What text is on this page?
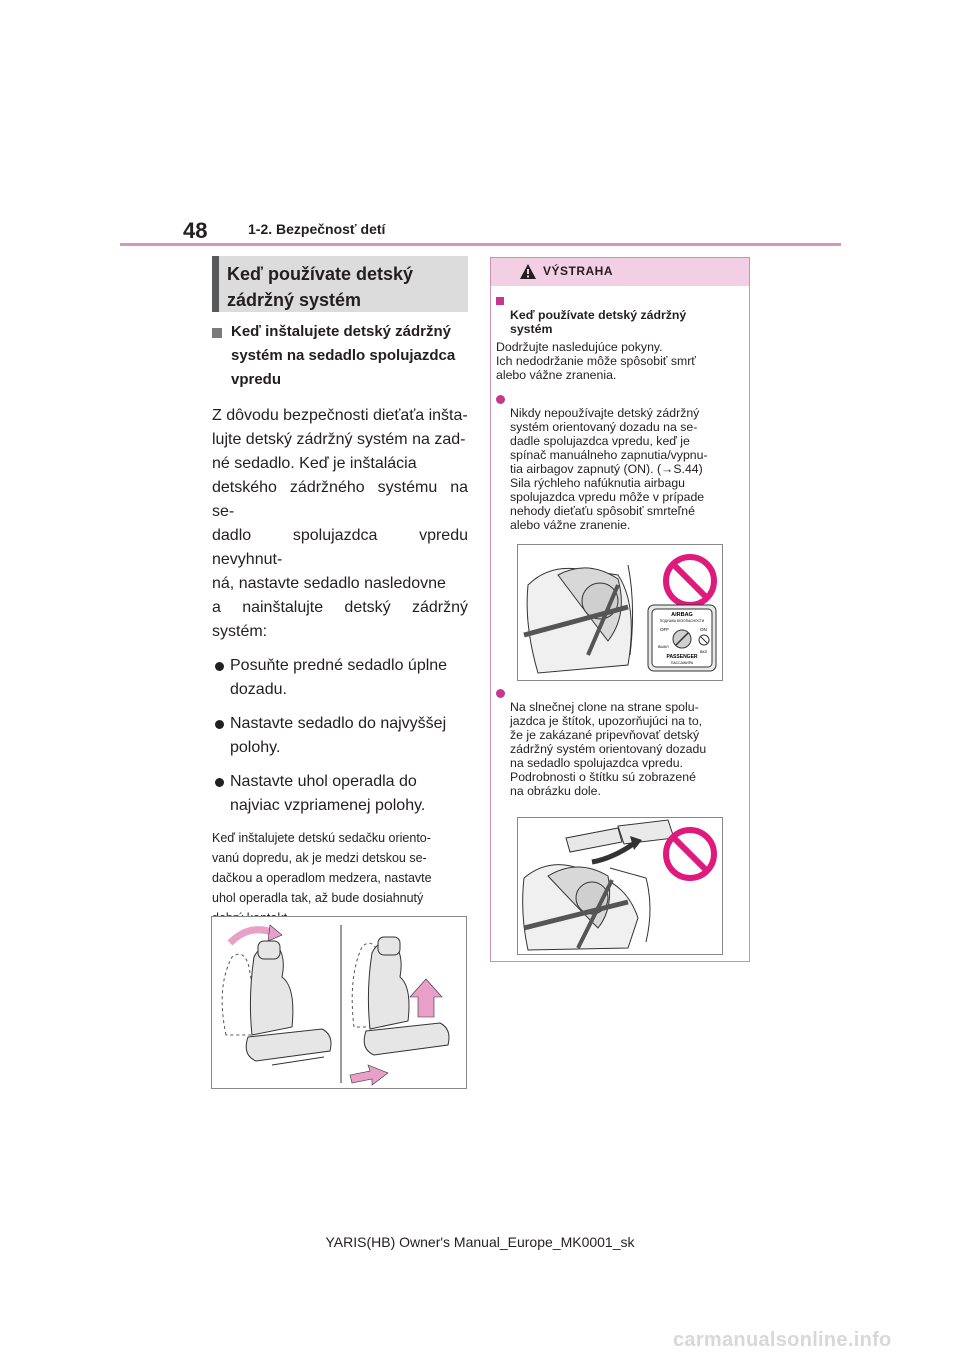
48	1-2. Bezpečnosť detí
Keď používate detský zádržný systém
Keď inštalujete detský zádržný systém na sedadlo spolujazdca vpredu

Z dôvodu bezpečnosti dieťaťa inšta-
lujte detský zádržný systém na zad-
né sedadlo. Keď je inštalácia
detského zádržného systému na se-
dadlo spolujazdca vpredu nevyhnut-
ná, nastavte sedadlo nasledovne
a nainštalujte detský zádržný systém:

Posuňte predné sedadlo úplne dozadu.
Nastavte sedadlo do najvyššej polohy.
Nastavte uhol operadla do najviac vzpriamenej polohy.

Keď inštalujete detskú sedačku oriento-
vanú dopredu, ak je medzi detskou se-
dačkou a operadlom medzera, nastavte
uhol operadla tak, až bude dosiahnutý

VÝSTRAHA

Keď používate detský zádržný
systém

Dodržujte nasledujúce pokyny.
Ich nedodržanie môže spôsobiť smrť
alebo vážne zranenia.

Nikdy nepoužívajte detský zádržný
systém orientovaný dozadu na se-
dadle spolujazdca vpredu, keď je
spínač manuálneho zapnutia/vypnu-
tia airbagov zapnutý (ON). (→S.44)
Sila rýchleho nafúknutia airbagu
spolujazdca vpredu môže v prípade
nehody dieťaťu spôsobiť smrteľné
alebo vážne zranenie.

Na slnečnej clone na strane spolu-
jazdca je štítok, upozorňujúci na to,
že je zakázané pripevňovať detský
zádržný systém orientovaný dozadu
na sedadlo spolujazdca vpredu.
Podrobnosti o štítku sú zobrazené
na obrázku dole.

AIRBAG
ПОДУШКА БЕЗОПАСНОСТИ
OFF	ON
ВЫКЛ
ВКЛ
PASSENGER
ПАССАЖИРА
YARIS(HB) Owner's Manual_Europe_MK0001_sk
carmanualsonline.info
